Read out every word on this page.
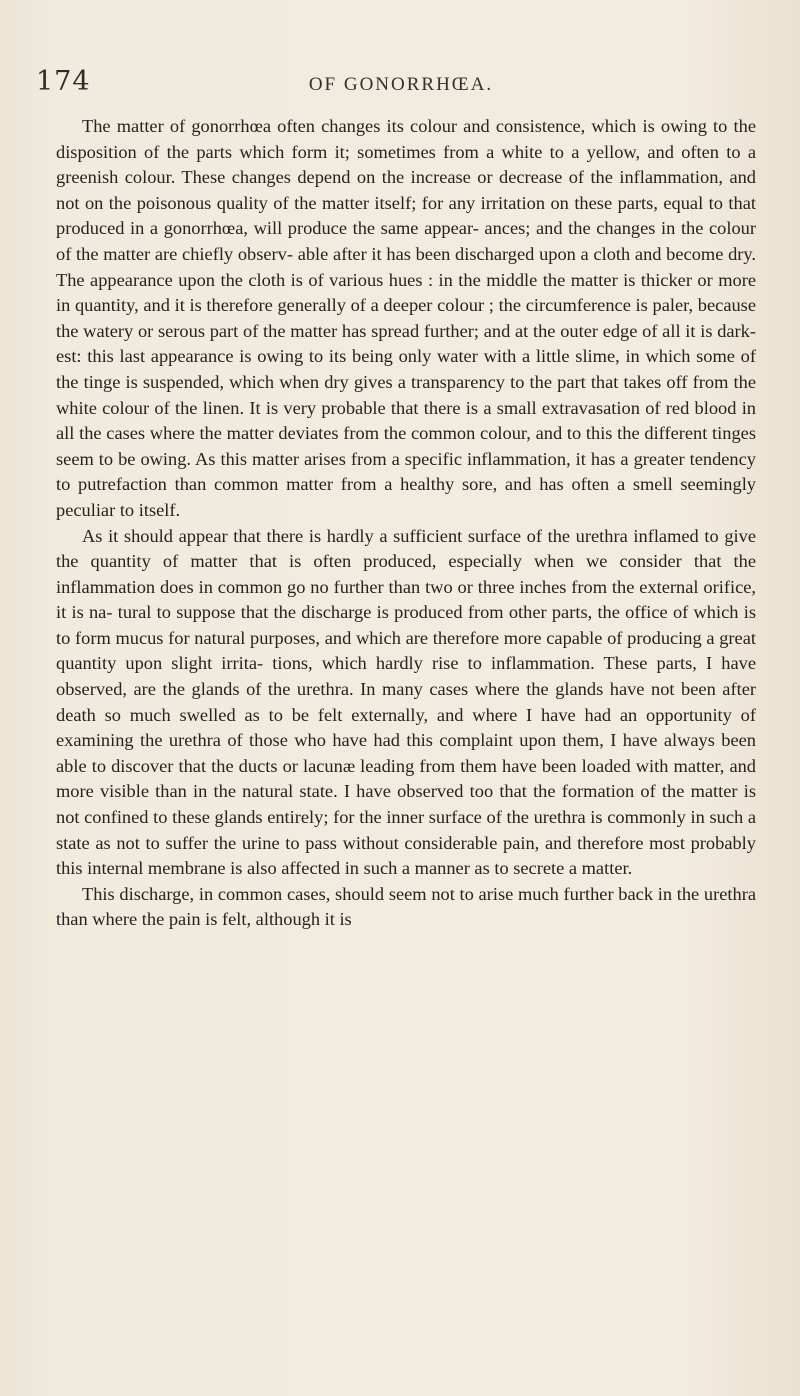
174	OF GONORRHŒA.

The matter of gonorrhœa often changes its colour and consistence, which is owing to the disposition of the parts which form it; sometimes from a white to a yellow, and often to a greenish colour. These changes depend on the increase or decrease of the inflammation, and not on the poisonous quality of the matter itself; for any irritation on these parts, equal to that produced in a gonorrhœa, will produce the same appear- ances; and the changes in the colour of the matter are chiefly observ- able after it has been discharged upon a cloth and become dry. The appearance upon the cloth is of various hues : in the middle the matter is thicker or more in quantity, and it is therefore generally of a deeper colour ; the circumference is paler, because the watery or serous part of the matter has spread further; and at the outer edge of all it is dark- est: this last appearance is owing to its being only water with a little slime, in which some of the tinge is suspended, which when dry gives a transparency to the part that takes off from the white colour of the linen. It is very probable that there is a small extravasation of red blood in all the cases where the matter deviates from the common colour, and to this the different tinges seem to be owing. As this matter arises from a specific inflammation, it has a greater tendency to putrefaction than common matter from a healthy sore, and has often a smell seemingly peculiar to itself.

As it should appear that there is hardly a sufficient surface of the urethra inflamed to give the quantity of matter that is often produced, especially when we consider that the inflammation does in common go no further than two or three inches from the external orifice, it is na- tural to suppose that the discharge is produced from other parts, the office of which is to form mucus for natural purposes, and which are therefore more capable of producing a great quantity upon slight irrita- tions, which hardly rise to inflammation. These parts, I have observed, are the glands of the urethra. In many cases where the glands have not been after death so much swelled as to be felt externally, and where I have had an opportunity of examining the urethra of those who have had this complaint upon them, I have always been able to discover that the ducts or lacunæ leading from them have been loaded with matter, and more visible than in the natural state. I have observed too that the formation of the matter is not confined to these glands entirely; for the inner surface of the urethra is commonly in such a state as not to suffer the urine to pass without considerable pain, and therefore most probably this internal membrane is also affected in such a manner as to secrete a matter.

This discharge, in common cases, should seem not to arise much further back in the urethra than where the pain is felt, although it is
